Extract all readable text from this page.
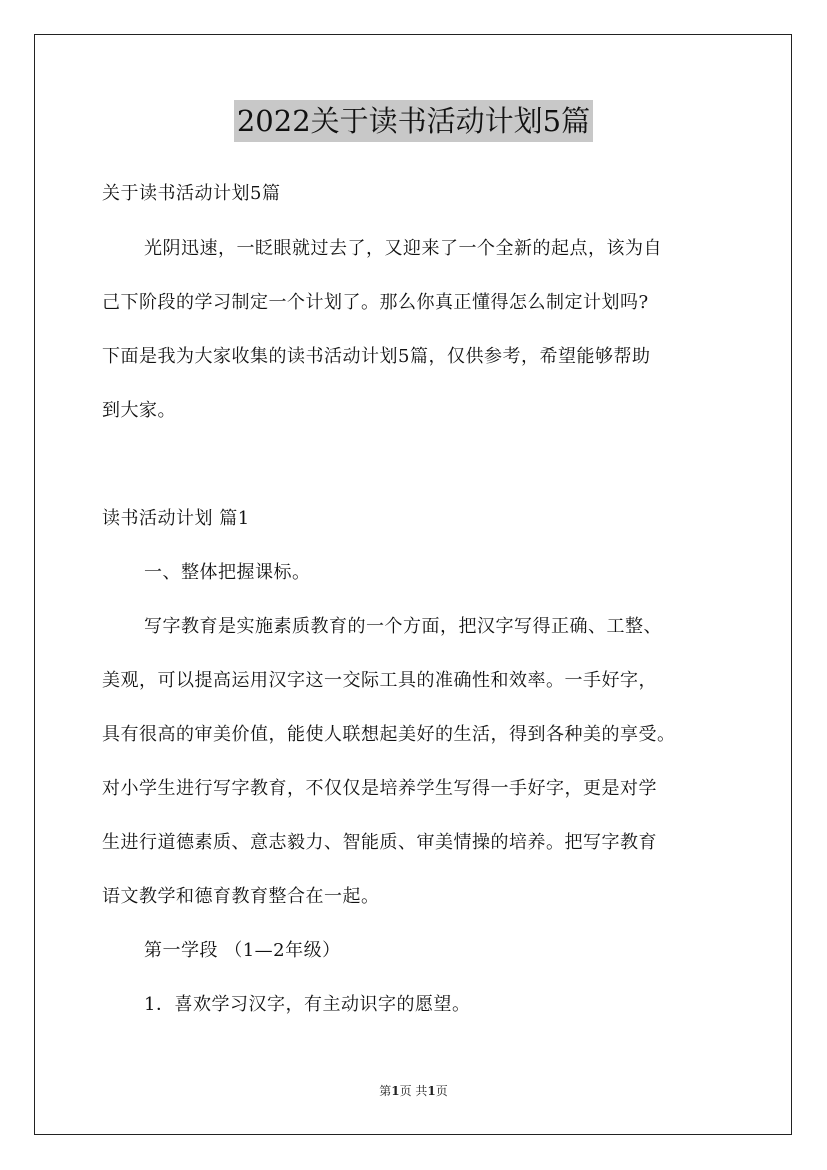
2022关于读书活动计划5篇
关于读书活动计划5篇
光阴迅速，一眨眼就过去了，又迎来了一个全新的起点，该为自
己下阶段的学习制定一个计划了。那么你真正懂得怎么制定计划吗?
下面是我为大家收集的读书活动计划5篇，仅供参考，希望能够帮助
到大家。
读书活动计划 篇1
一、整体把握课标。
写字教育是实施素质教育的一个方面，把汉字写得正确、工整、
美观，可以提高运用汉字这一交际工具的准确性和效率。一手好字，
具有很高的审美价值，能使人联想起美好的生活，得到各种美的享受。
对小学生进行写字教育，不仅仅是培养学生写得一手好字，更是对学
生进行道德素质、意志毅力、智能质、审美情操的培养。把写字教育
语文教学和德育教育整合在一起。
第一学段 （1—2年级）
1．喜欢学习汉字，有主动识字的愿望。
第1页 共1页
